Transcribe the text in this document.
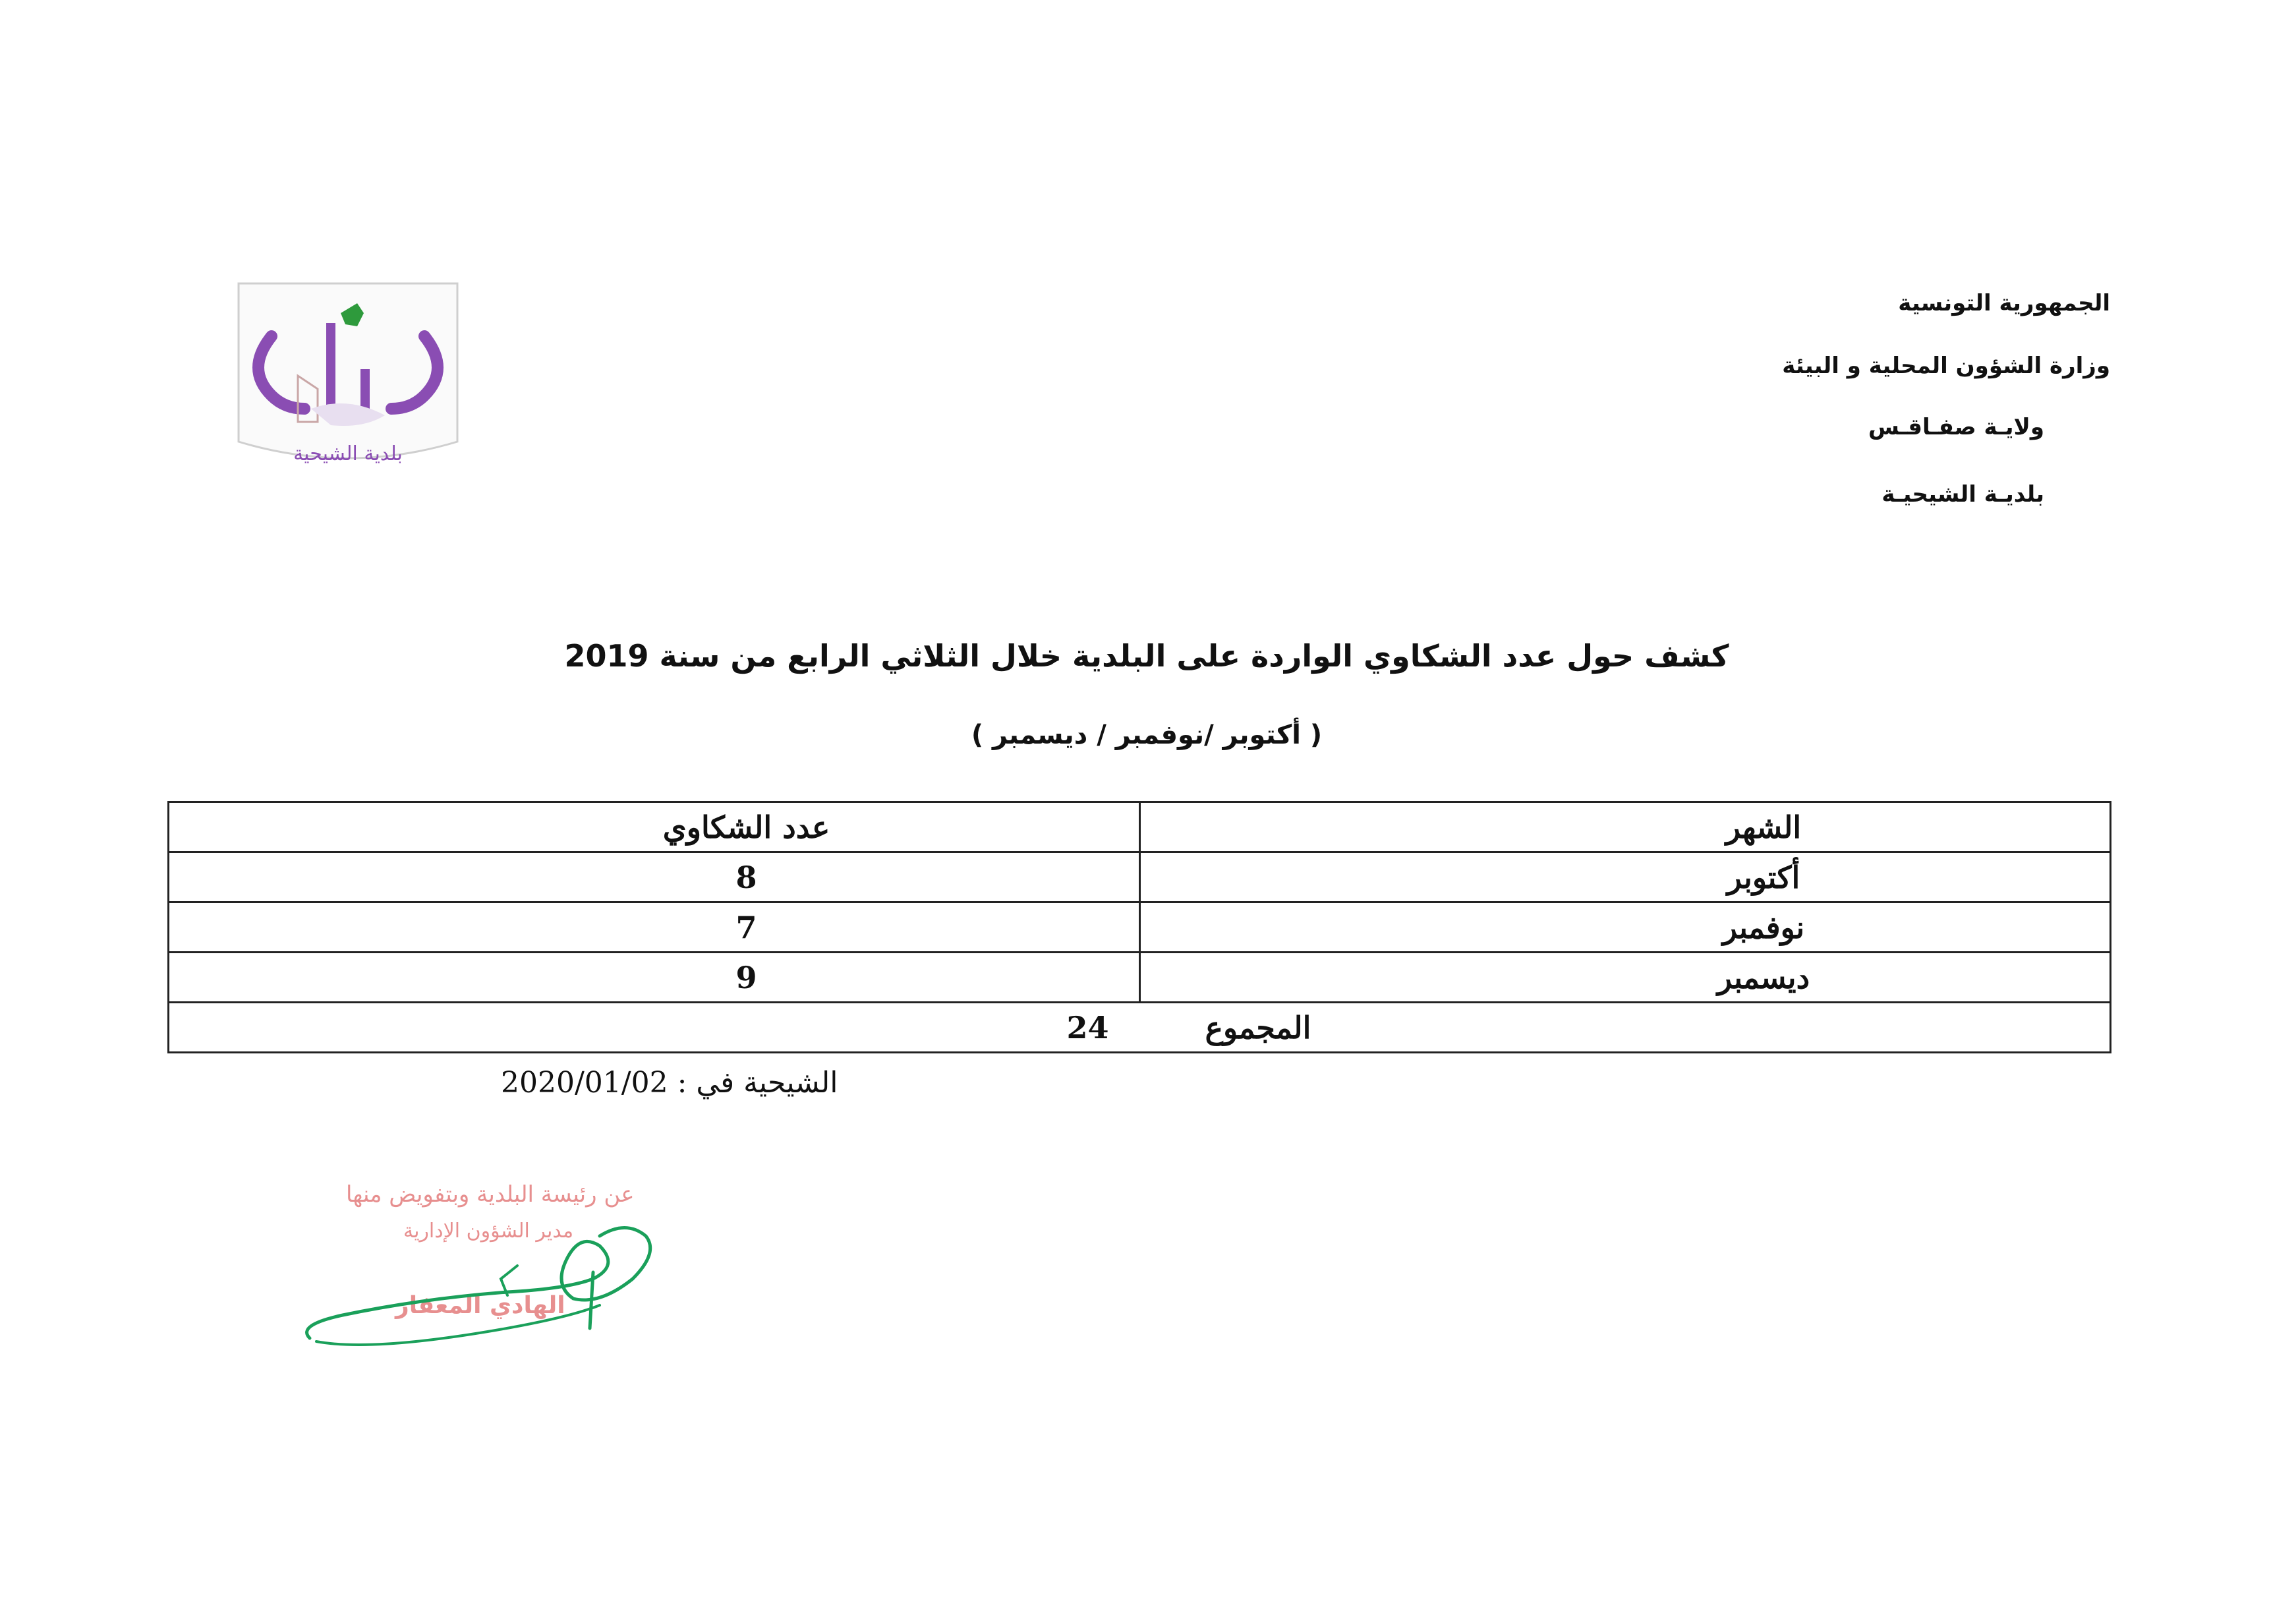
الجمهورية التونسية
وزارة الشؤون المحلية و البيئة
ولايـة صفـاقـس
بلديـة الشيحيـة
بلدية الشيحية
كشف حول عدد الشكاوي الواردة على البلدية خلال الثلاثي الرابع من سنة 2019
( أكتوبر /نوفمبر / ديسمبر )
الشهر	عدد الشكاوي
أكتوبر	8
نوفمبر	7
ديسمبر	9
المجموع 24	
الشيحية في : 2020/01/02
عن رئيسة البلدية وبتفويض منها
مدير الشؤون الإدارية
الهادي المعفار
